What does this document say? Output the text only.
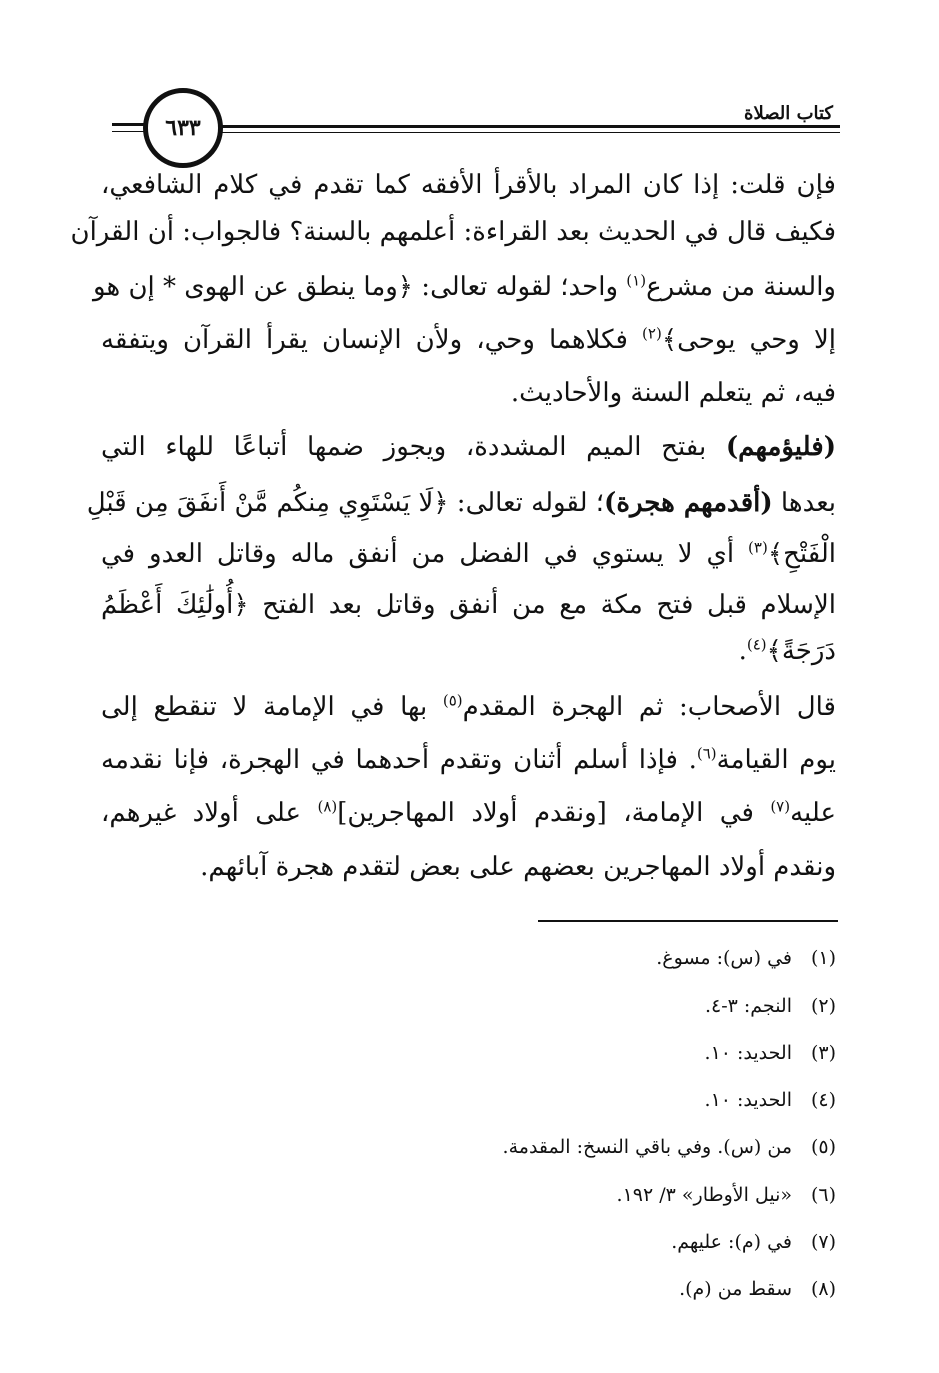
٦٣٣
كتاب الصلاة
فإن قلت: إذا كان المراد بالأقرأ الأفقه كما تقدم في كلام الشافعي،
فكيف قال في الحديث بعد القراءة: أعلمهم بالسنة؟ فالجواب: أن القرآن
والسنة من مشرع$^{(١)}$ واحد؛ لقوله تعالى: ﴿وما ينطق عن الهوى * إن هو
إلا وحي يوحى﴾$^{(٢)}$ فكلاهما وحي، ولأن الإنسان يقرأ القرآن ويتفقه
فيه، ثم يتعلم السنة والأحاديث.
(فليؤمهم) بفتح الميم المشددة، ويجوز ضمها أتباعًا للهاء التي
بعدها (أقدمهم هجرة)؛ لقوله تعالى: ﴿لَا يَسْتَوِي مِنكُم مَّنْ أَنفَقَ مِن قَبْلِ
الْفَتْحِ﴾$^{(٣)}$ أي لا يستوي في الفضل من أنفق ماله وقاتل العدو في
الإسلام قبل فتح مكة مع من أنفق وقاتل بعد الفتح ﴿أُولَٰئِكَ أَعْظَمُ
دَرَجَةً﴾$^{(٤)}$.
قال الأصحاب: ثم الهجرة المقدم$^{(٥)}$ بها في الإمامة لا تنقطع إلى
يوم القيامة$^{(٦)}$. فإذا أسلم أثنان وتقدم أحدهما في الهجرة، فإنا نقدمه
عليه$^{(٧)}$ في الإمامة، [ونقدم أولاد المهاجرين]$^{(٨)}$ على أولاد غيرهم،
ونقدم أولاد المهاجرين بعضهم على بعض لتقدم هجرة آبائهم.
(١)في (س): مسوغ.
(٢)النجم: ٣-٤.
(٣)الحديد: ١٠.
(٤)الحديد: ١٠.
(٥)من (س). وفي باقي النسخ: المقدمة.
(٦)«نيل الأوطار» ٣/ ١٩٢.
(٧)في (م): عليهم.
(٨)سقط من (م).
